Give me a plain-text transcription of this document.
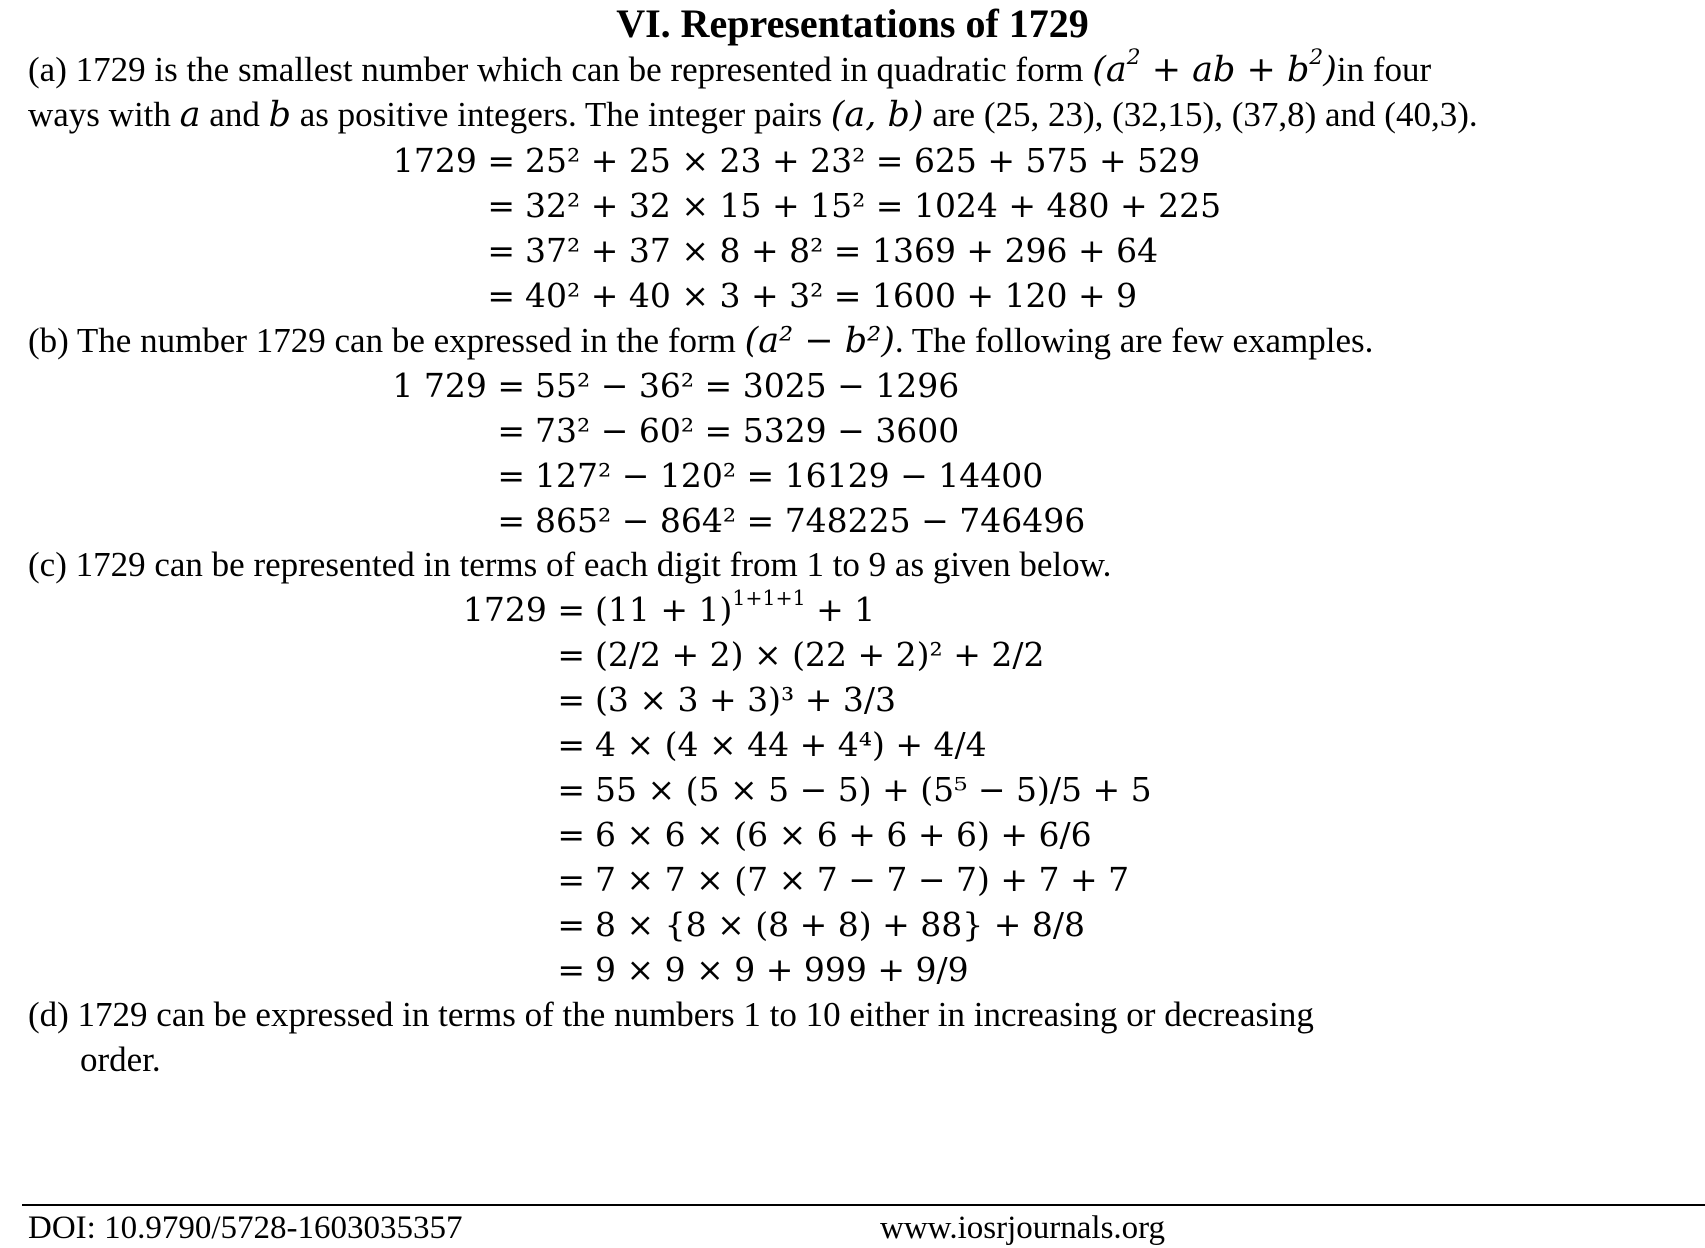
VI. Representations of 1729
(a) 1729 is the smallest number which can be represented in quadratic form ($a^2$ + ab + $b^2)in$ four
ways with a and b as positive integers. The integer pairs (a, b) are (25, 23), (32,15), (37,8) and (40,3).
1729 = 25² + 25 × 23 + 23² = 625 + 575 + 529
= 32² + 32 × 15 + 15² = 1024 + 480 + 225
= 37² + 37 × 8 + 8² = 1369 + 296 + 64
= 40² + 40 × 3 + 3² = 1600 + 120 + 9
(b) The number 1729 can be expressed in the form (a² − b²). The following are few examples.
1 729 = 55² − 36² = 3025 − 1296
= 73² − 60² = 5329 − 3600
= 127² − 120² = 16129 − 14400
= 865² − 864² = 748225 − 746496
(c) 1729 can be represented in terms of each digit from 1 to 9 as given below.
$1729 = (11 + 1)^{1+1+1} + 1$
= (2/2 + 2) × (22 + 2)² + 2/2
= (3 × 3 + 3)³ + 3/3
= 4 × (4 × 44 + 4⁴) + 4/4
= 55 × (5 × 5 − 5) + (5⁵ − 5)/5 + 5
= 6 × 6 × (6 × 6 + 6 + 6) + 6/6
= 7 × 7 × (7 × 7 − 7 − 7) + 7 + 7
= 8 × {8 × (8 + 8) + 88} + 8/8
= 9 × 9 × 9 + 999 + 9/9
(d) 1729 can be expressed in terms of the numbers 1 to 10 either in increasing or decreasing
order.
DOI: 10.9790/5728-1603035357	www.iosrjournals.org
